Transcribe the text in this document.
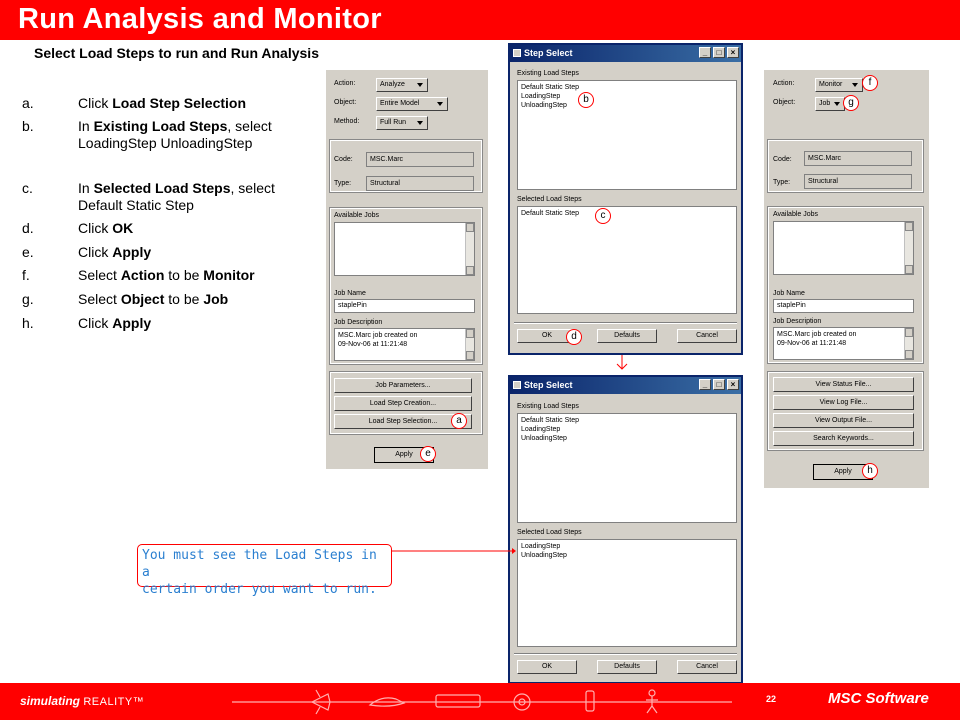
Run Analysis and Monitor
Select Load Steps to run and Run Analysis
a.	Click Load Step Selection
b.	In Existing Load Steps, select LoadingStep UnloadingStep
c.	In Selected Load Steps, select Default Static Step
d.	Click OK
e.	Click Apply
f.	Select Action to be Monitor
g.	Select Object to be Job
h.	Click Apply
Action:	Analyze
Object:	Entire Model
Method:	Full Run
Code:	MSC.Marc
Type:	Structural
Available Jobs
Job Name
staplePin
Job Description
MSC.Marc job created on
09-Nov-06 at 11:21:48
Job Parameters...
Load Step Creation...
Load Step Selection...
Apply
Step Select	_	□	×
Existing Load Steps
Default Static Step
LoadingStep
UnloadingStep
Selected Load Steps
Default Static Step
OK	Defaults	Cancel
Step Select	_	□	×
Existing Load Steps
Default Static Step
LoadingStep
UnloadingStep
Selected Load Steps
LoadingStep
UnloadingStep
OK	Defaults	Cancel
Action:	Monitor
Object:	Job
Code:	MSC.Marc
Type:	Structural
Available Jobs
Job Name
staplePin
Job Description
MSC.Marc job created on
09-Nov-06 at 11:21:48
View Status File...
View Log File...
View Output File...
Search Keywords...
Apply
a
b
c
d
e
f
g
h
You must see the Load Steps in a
certain order you want to run.
simulating REALITY™	22	MSC Software
